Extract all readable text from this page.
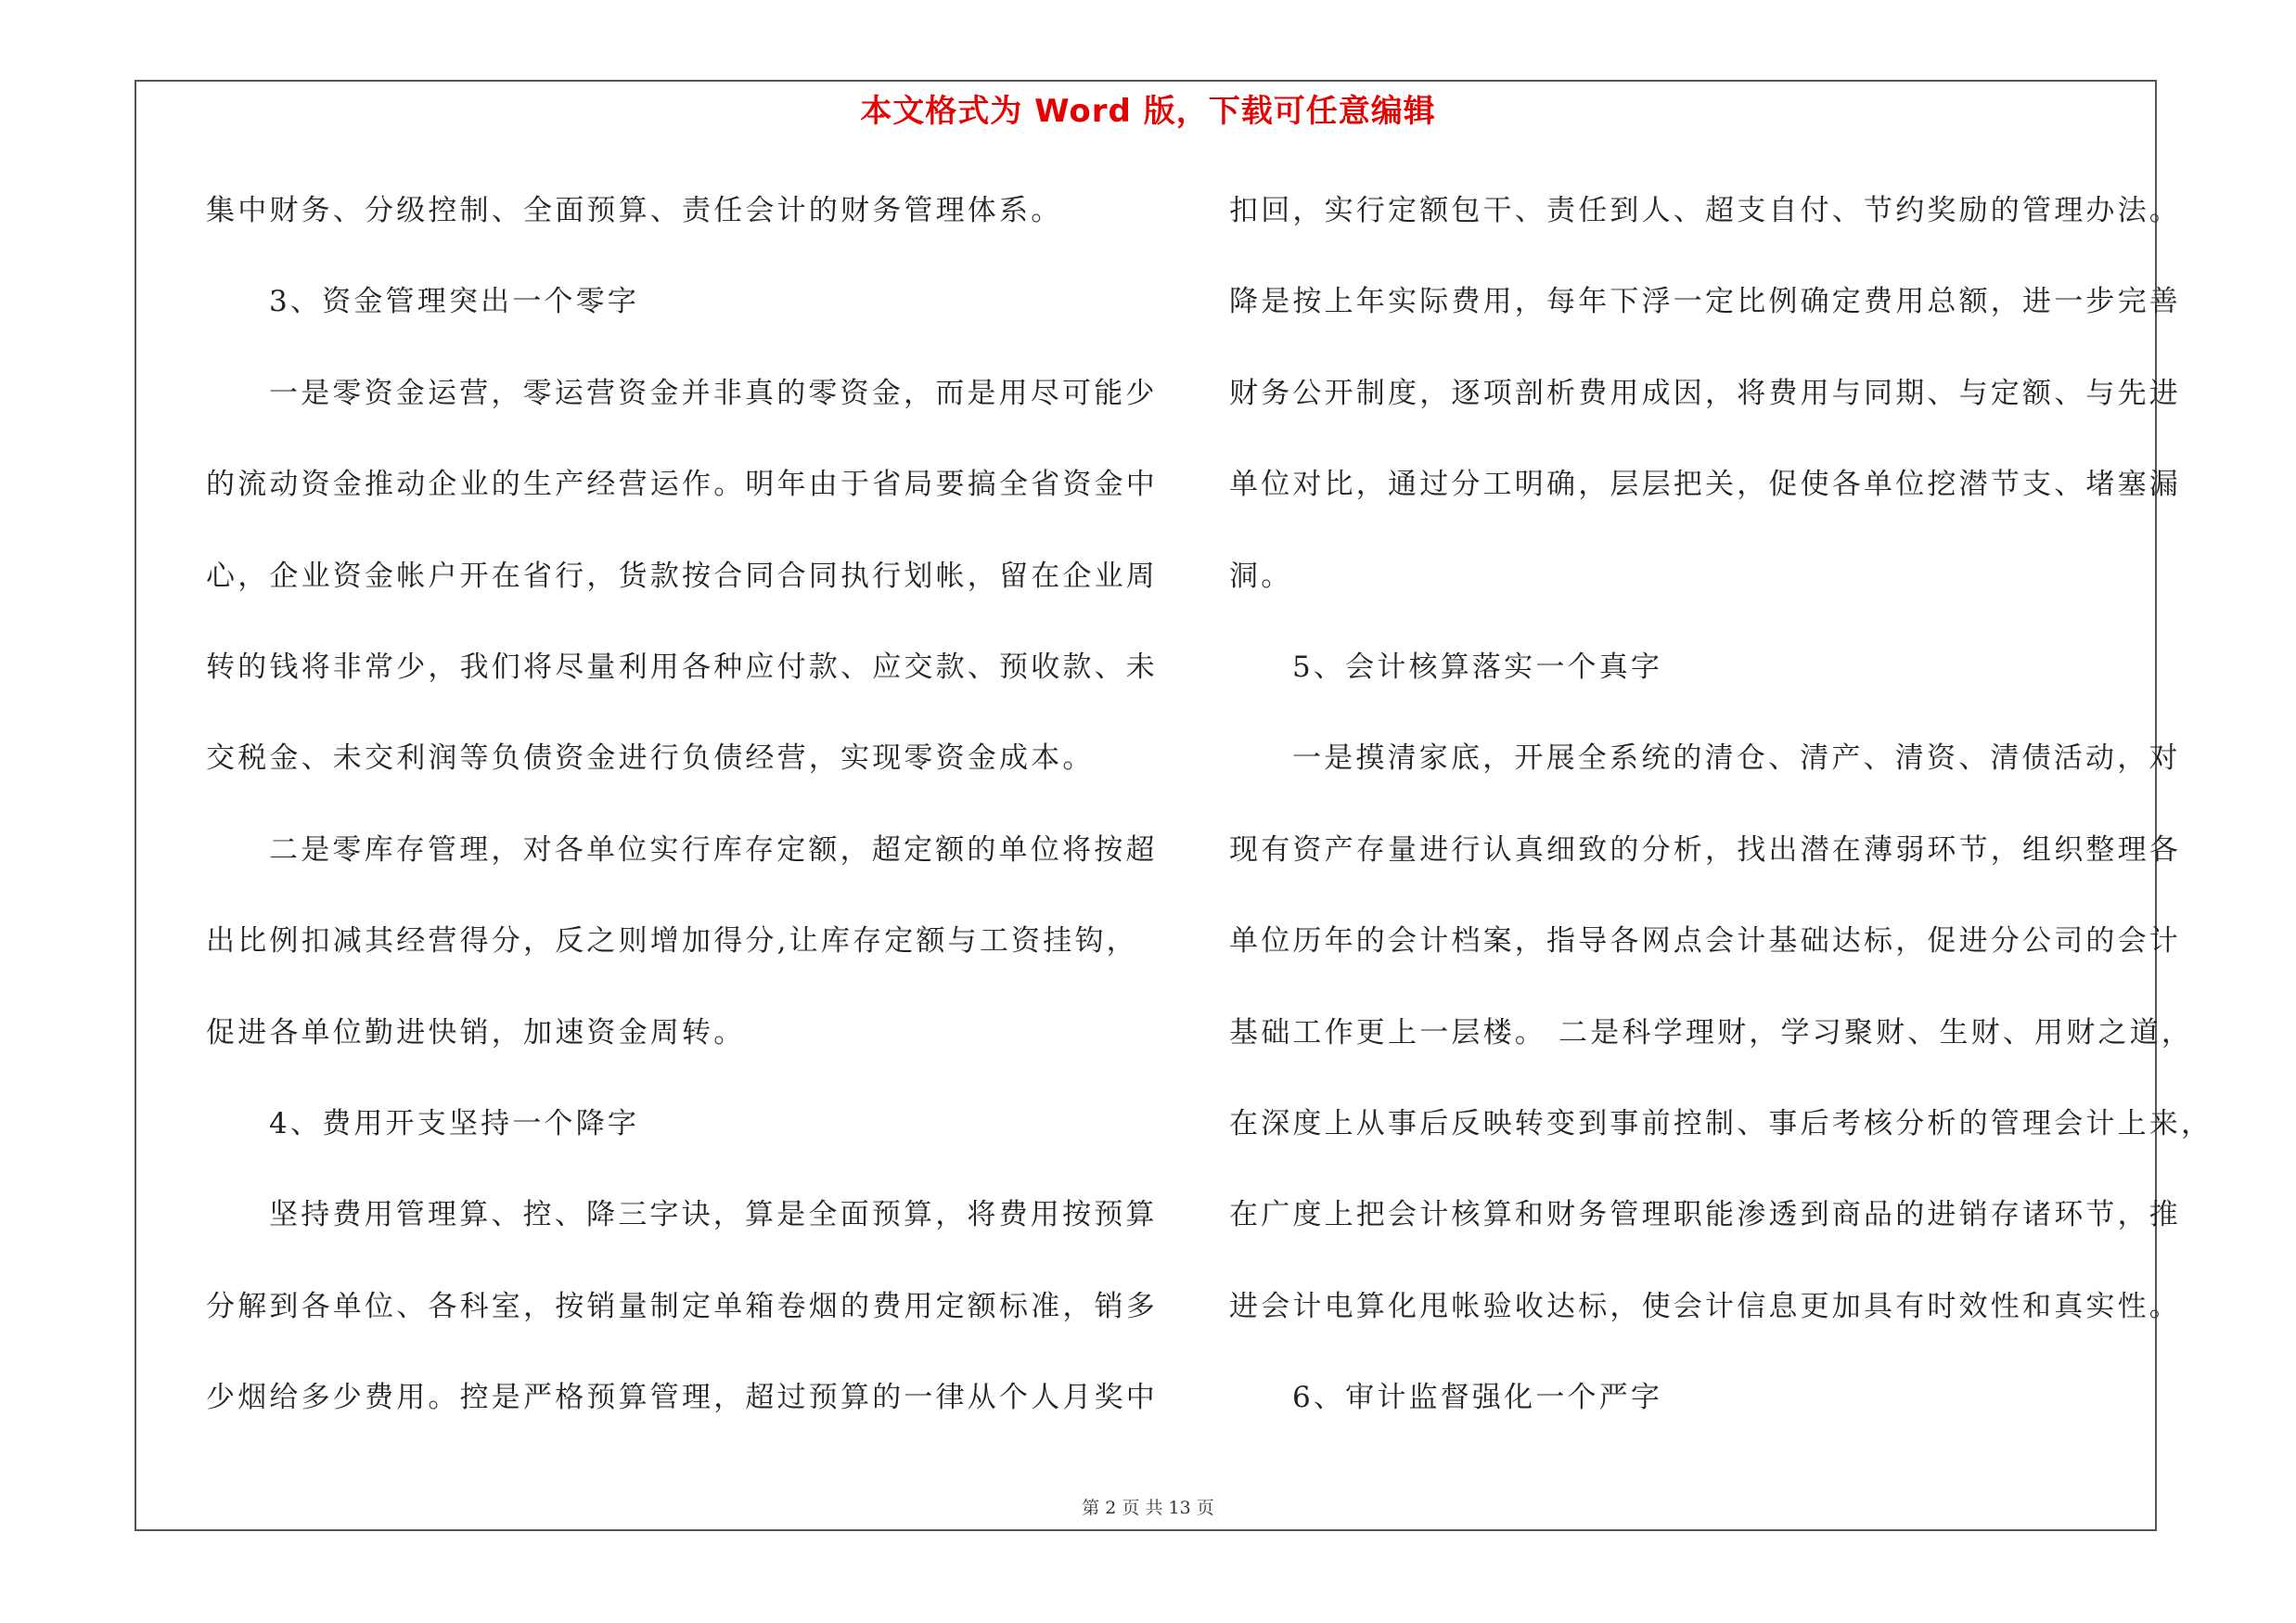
本文格式为 Word 版，下载可任意编辑
集中财务、分级控制、全面预算、责任会计的财务管理体系。
3、资金管理突出一个零字
一是零资金运营，零运营资金并非真的零资金，而是用尽可能少
的流动资金推动企业的生产经营运作。明年由于省局要搞全省资金中
心，企业资金帐户开在省行，货款按合同合同执行划帐，留在企业周
转的钱将非常少，我们将尽量利用各种应付款、应交款、预收款、未
交税金、未交利润等负债资金进行负债经营，实现零资金成本。
二是零库存管理，对各单位实行库存定额，超定额的单位将按超
出比例扣减其经营得分，反之则增加得分,让库存定额与工资挂钩，
促进各单位勤进快销，加速资金周转。
4、费用开支坚持一个降字
坚持费用管理算、控、降三字诀，算是全面预算，将费用按预算
分解到各单位、各科室，按销量制定单箱卷烟的费用定额标准，销多
少烟给多少费用。控是严格预算管理，超过预算的一律从个人月奖中
扣回，实行定额包干、责任到人、超支自付、节约奖励的管理办法。
降是按上年实际费用，每年下浮一定比例确定费用总额，进一步完善
财务公开制度，逐项剖析费用成因，将费用与同期、与定额、与先进
单位对比，通过分工明确，层层把关，促使各单位挖潜节支、堵塞漏
洞。
5、会计核算落实一个真字
一是摸清家底，开展全系统的清仓、清产、清资、清债活动，对
现有资产存量进行认真细致的分析，找出潜在薄弱环节，组织整理各
单位历年的会计档案，指导各网点会计基础达标，促进分公司的会计
基础工作更上一层楼。 二是科学理财，学习聚财、生财、用财之道，
在深度上从事后反映转变到事前控制、事后考核分析的管理会计上来，
在广度上把会计核算和财务管理职能渗透到商品的进销存诸环节，推
进会计电算化甩帐验收达标，使会计信息更加具有时效性和真实性。
6、审计监督强化一个严字
第 2 页 共 13 页
